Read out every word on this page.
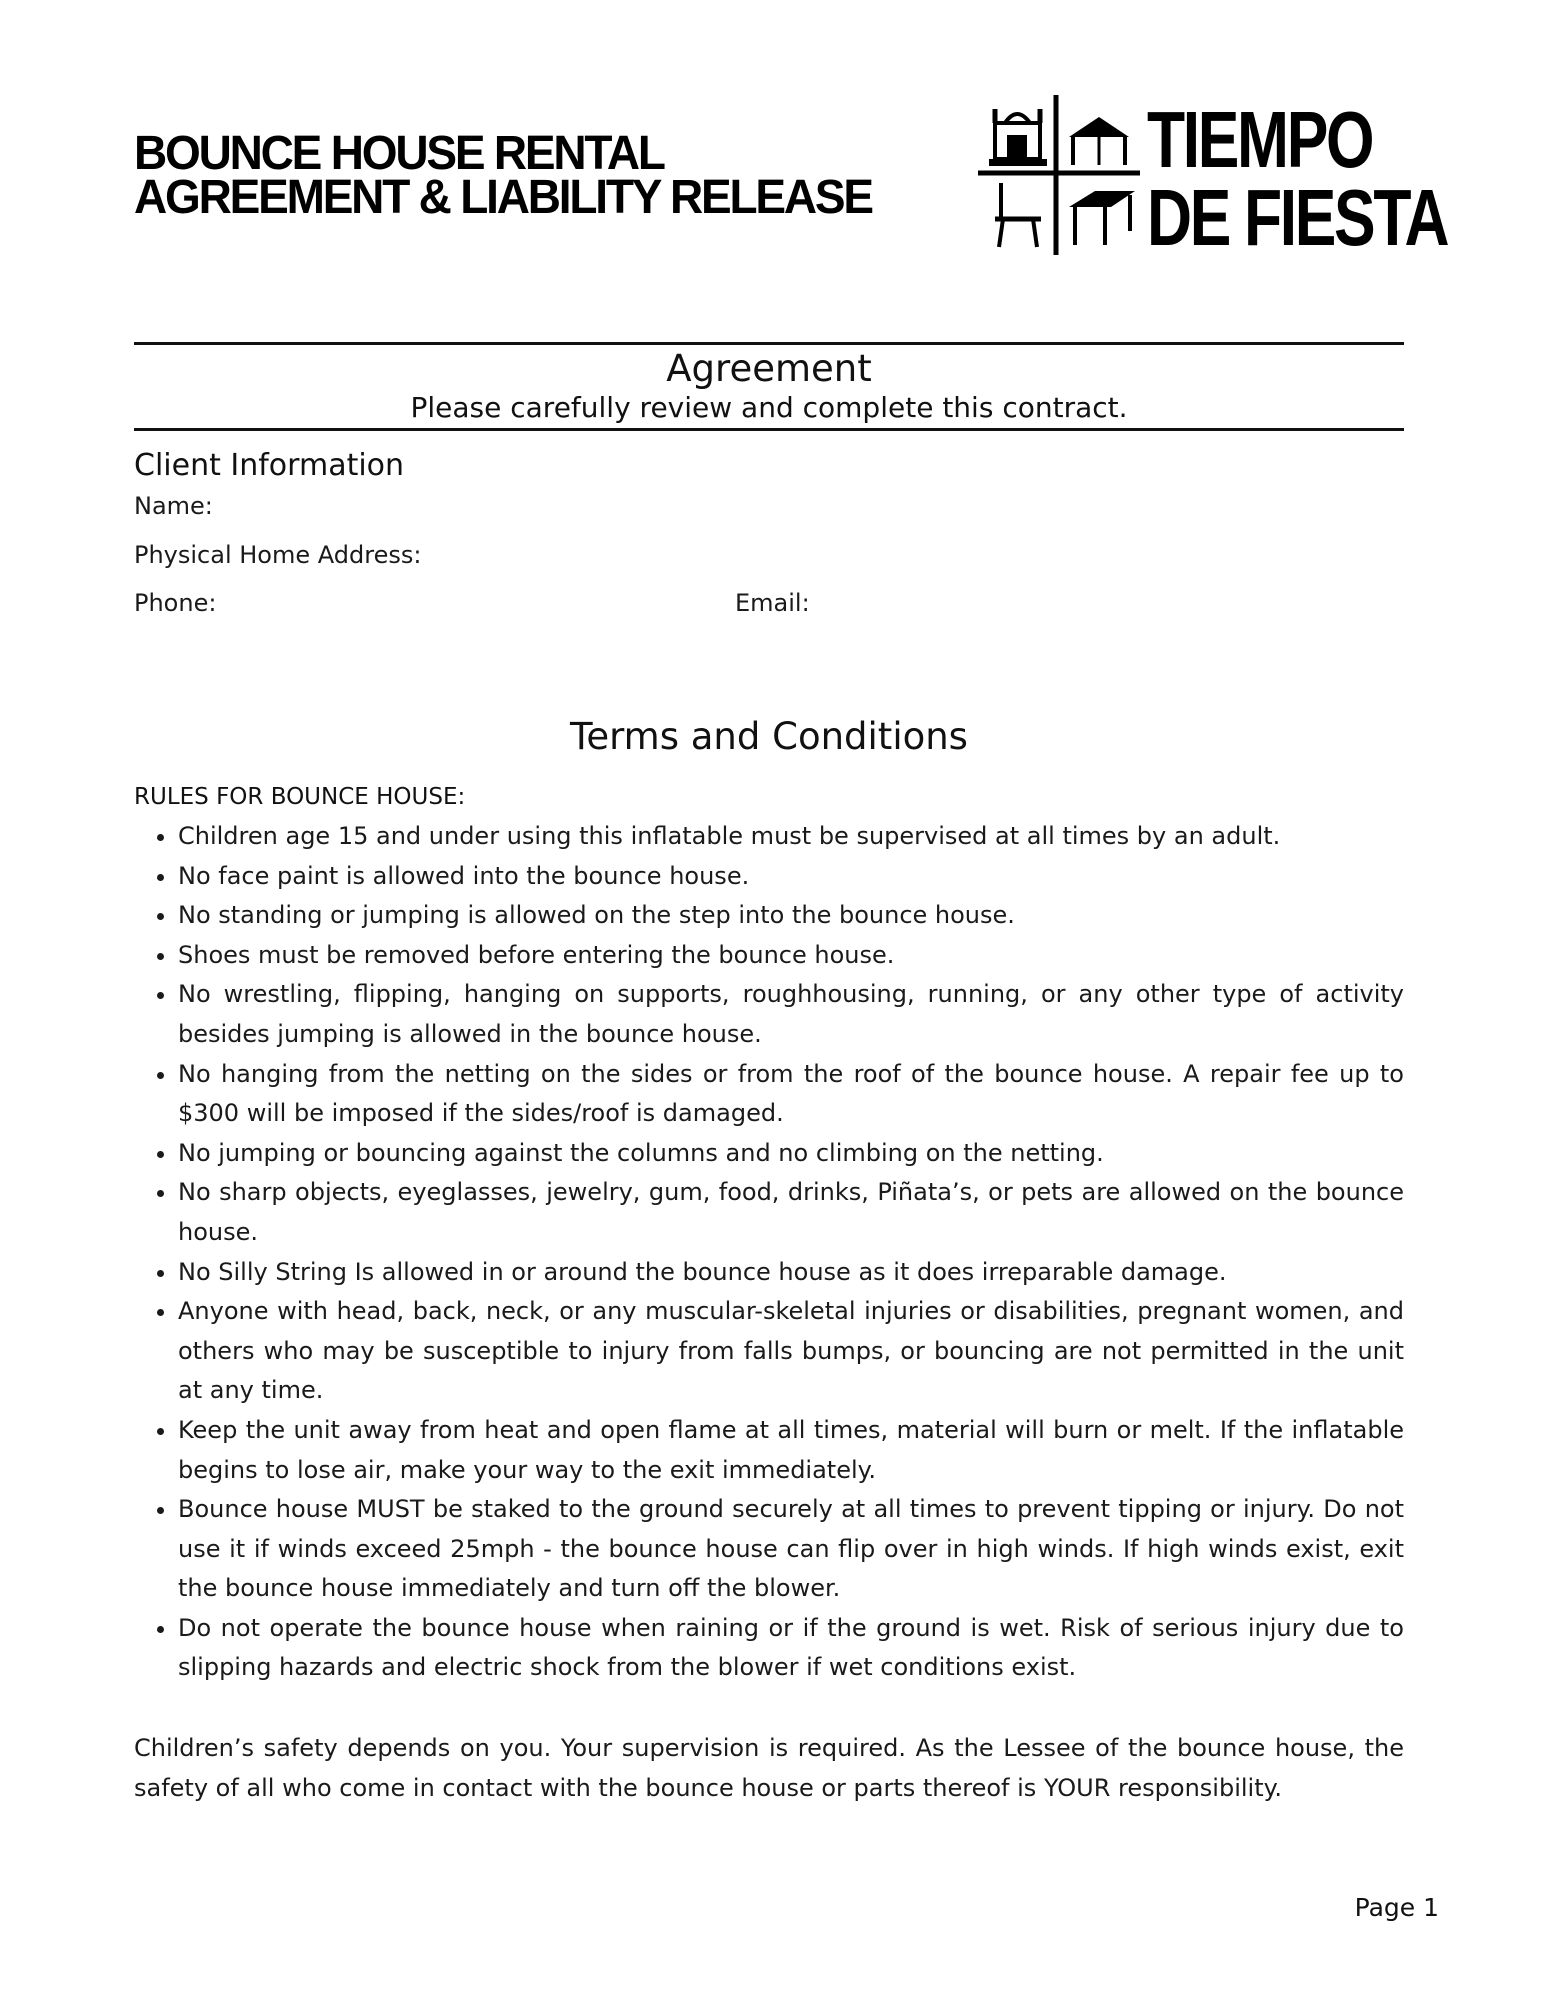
BOUNCE HOUSE RENTAL
AGREEMENT & LIABILITY RELEASE
TIEMPO
DE FIESTA
Agreement
Please carefully review and complete this contract.
Client Information
Name:
Physical Home Address:
Phone:	Email:
Terms and Conditions
RULES FOR BOUNCE HOUSE:
• Children age 15 and under using this inflatable must be supervised at all times by an adult.
• No face paint is allowed into the bounce house.
• No standing or jumping is allowed on the step into the bounce house.
• Shoes must be removed before entering the bounce house.
• No wrestling, flipping, hanging on supports, roughhousing, running, or any other type of activity besides jumping is allowed in the bounce house.
• No hanging from the netting on the sides or from the roof of the bounce house. A repair fee up to $300 will be imposed if the sides/roof is damaged.
• No jumping or bouncing against the columns and no climbing on the netting.
• No sharp objects, eyeglasses, jewelry, gum, food, drinks, Piñata’s, or pets are allowed on the bounce house.
• No Silly String Is allowed in or around the bounce house as it does irreparable damage.
• Anyone with head, back, neck, or any muscular-skeletal injuries or disabilities, pregnant women, and others who may be susceptible to injury from falls bumps, or bouncing are not permitted in the unit at any time.
• Keep the unit away from heat and open flame at all times, material will burn or melt. If the inflatable begins to lose air, make your way to the exit immediately.
• Bounce house MUST be staked to the ground securely at all times to prevent tipping or injury. Do not use it if winds exceed 25mph - the bounce house can flip over in high winds. If high winds exist, exit the bounce house immediately and turn off the blower.
• Do not operate the bounce house when raining or if the ground is wet. Risk of serious injury due to slipping hazards and electric shock from the blower if wet conditions exist.
Children’s safety depends on you. Your supervision is required. As the Lessee of the bounce house, the safety of all who come in contact with the bounce house or parts thereof is YOUR responsibility.
Page 1
